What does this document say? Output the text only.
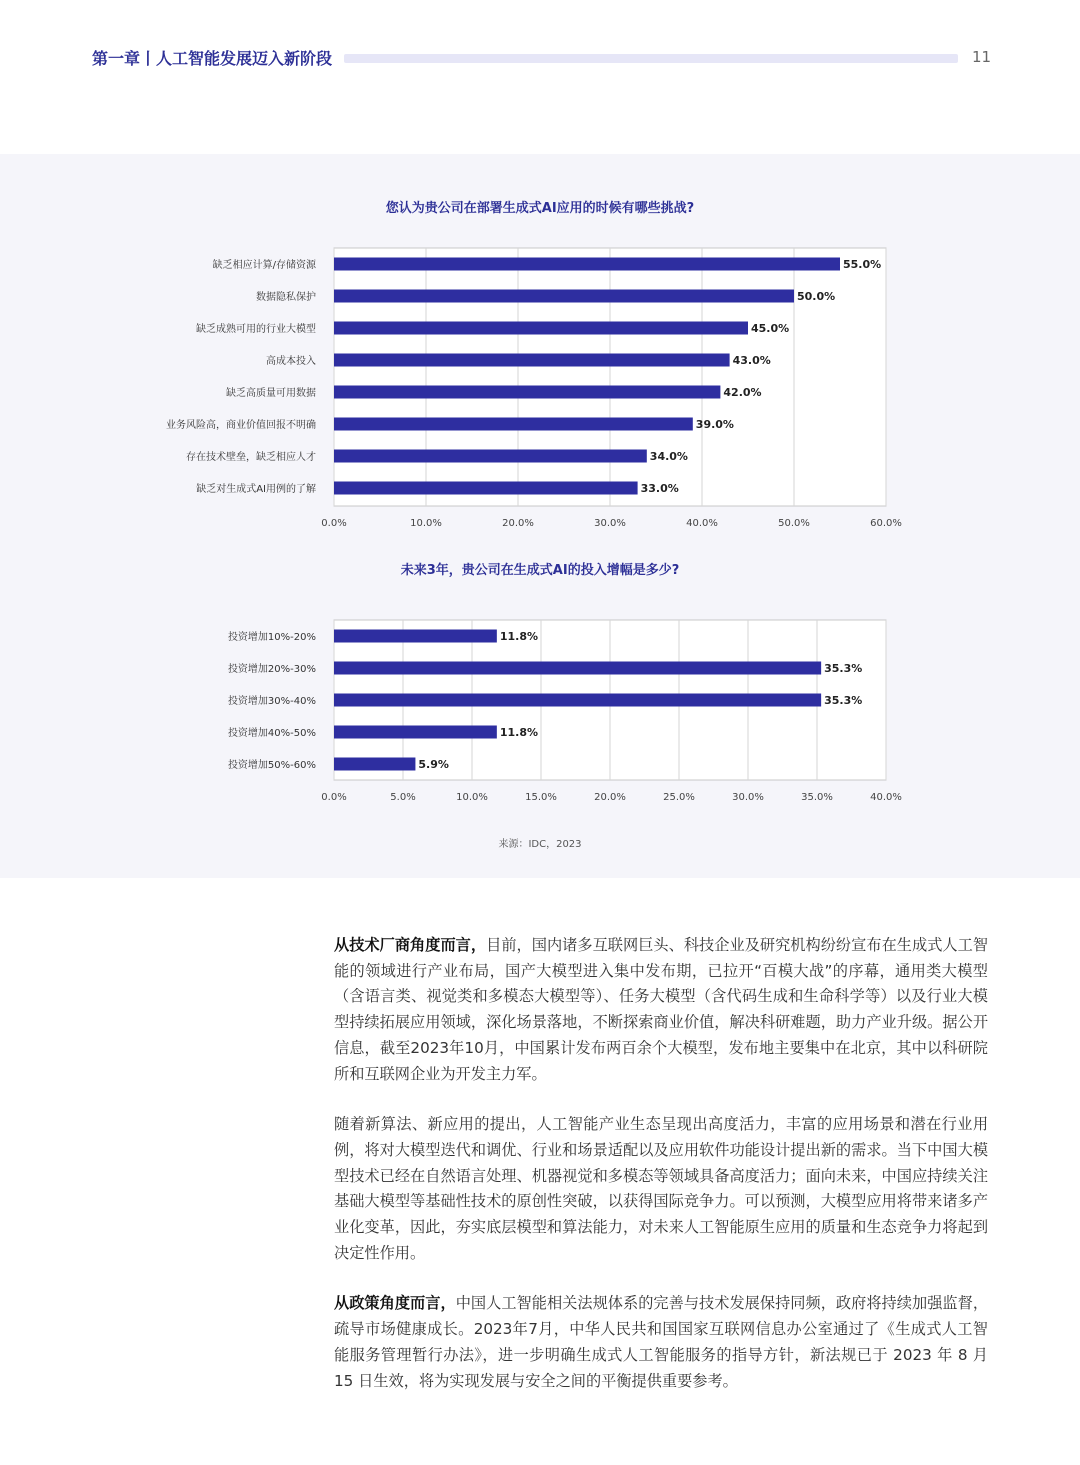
第一章丨人工智能发展迈入新阶段	11
您认为贵公司在部署生成式AI应用的时候有哪些挑战?
0.0%	10.0%	20.0%	30.0%	40.0%	50.0%	60.0%
缺乏相应计算/存储资源	55.0%
数据隐私保护	50.0%
缺乏成熟可用的行业大模型	45.0%
高成本投入	43.0%
缺乏高质量可用数据	42.0%
业务风险高，商业价值回报不明确	39.0%
存在技术壁垒，缺乏相应人才	34.0%
缺乏对生成式AI用例的了解	33.0%
未来3年，贵公司在生成式AI的投入增幅是多少?
0.0%	5.0%	10.0%	15.0%	20.0%	25.0%	30.0%	35.0%	40.0%
投资增加10%-20%	11.8%
投资增加20%-30%	35.3%
投资增加30%-40%	35.3%
投资增加40%-50%	11.8%
投资增加50%-60%	5.9%
来源：IDC，2023

从技术厂商角度而言，目前，国内诸多互联网巨头、科技企业及研究机构纷纷宣布在生成式人工智能的领域进行产业布局，国产大模型进入集中发布期，已拉开“百模大战”的序幕，通用类大模型（含语言类、视觉类和多模态大模型等）、任务大模型（含代码生成和生命科学等）以及行业大模型持续拓展应用领域，深化场景落地，不断探索商业价值，解决科研难题，助力产业升级。据公开信息，截至2023年10月，中国累计发布两百余个大模型，发布地主要集中在北京，其中以科研院所和互联网企业为开发主力军。

随着新算法、新应用的提出，人工智能产业生态呈现出高度活力，丰富的应用场景和潜在行业用例，将对大模型迭代和调优、行业和场景适配以及应用软件功能设计提出新的需求。当下中国大模型技术已经在自然语言处理、机器视觉和多模态等领域具备高度活力；面向未来，中国应持续关注基础大模型等基础性技术的原创性突破，以获得国际竞争力。可以预测，大模型应用将带来诸多产业化变革，因此，夯实底层模型和算法能力，对未来人工智能原生应用的质量和生态竞争力将起到决定性作用。

从政策角度而言，中国人工智能相关法规体系的完善与技术发展保持同频，政府将持续加强监督，疏导市场健康成长。2023年7月，中华人民共和国国家互联网信息办公室通过了《生成式人工智能服务管理暂行办法》，进一步明确生成式人工智能服务的指导方针，新法规已于 2023 年 8 月 15 日生效，将为实现发展与安全之间的平衡提供重要参考。
